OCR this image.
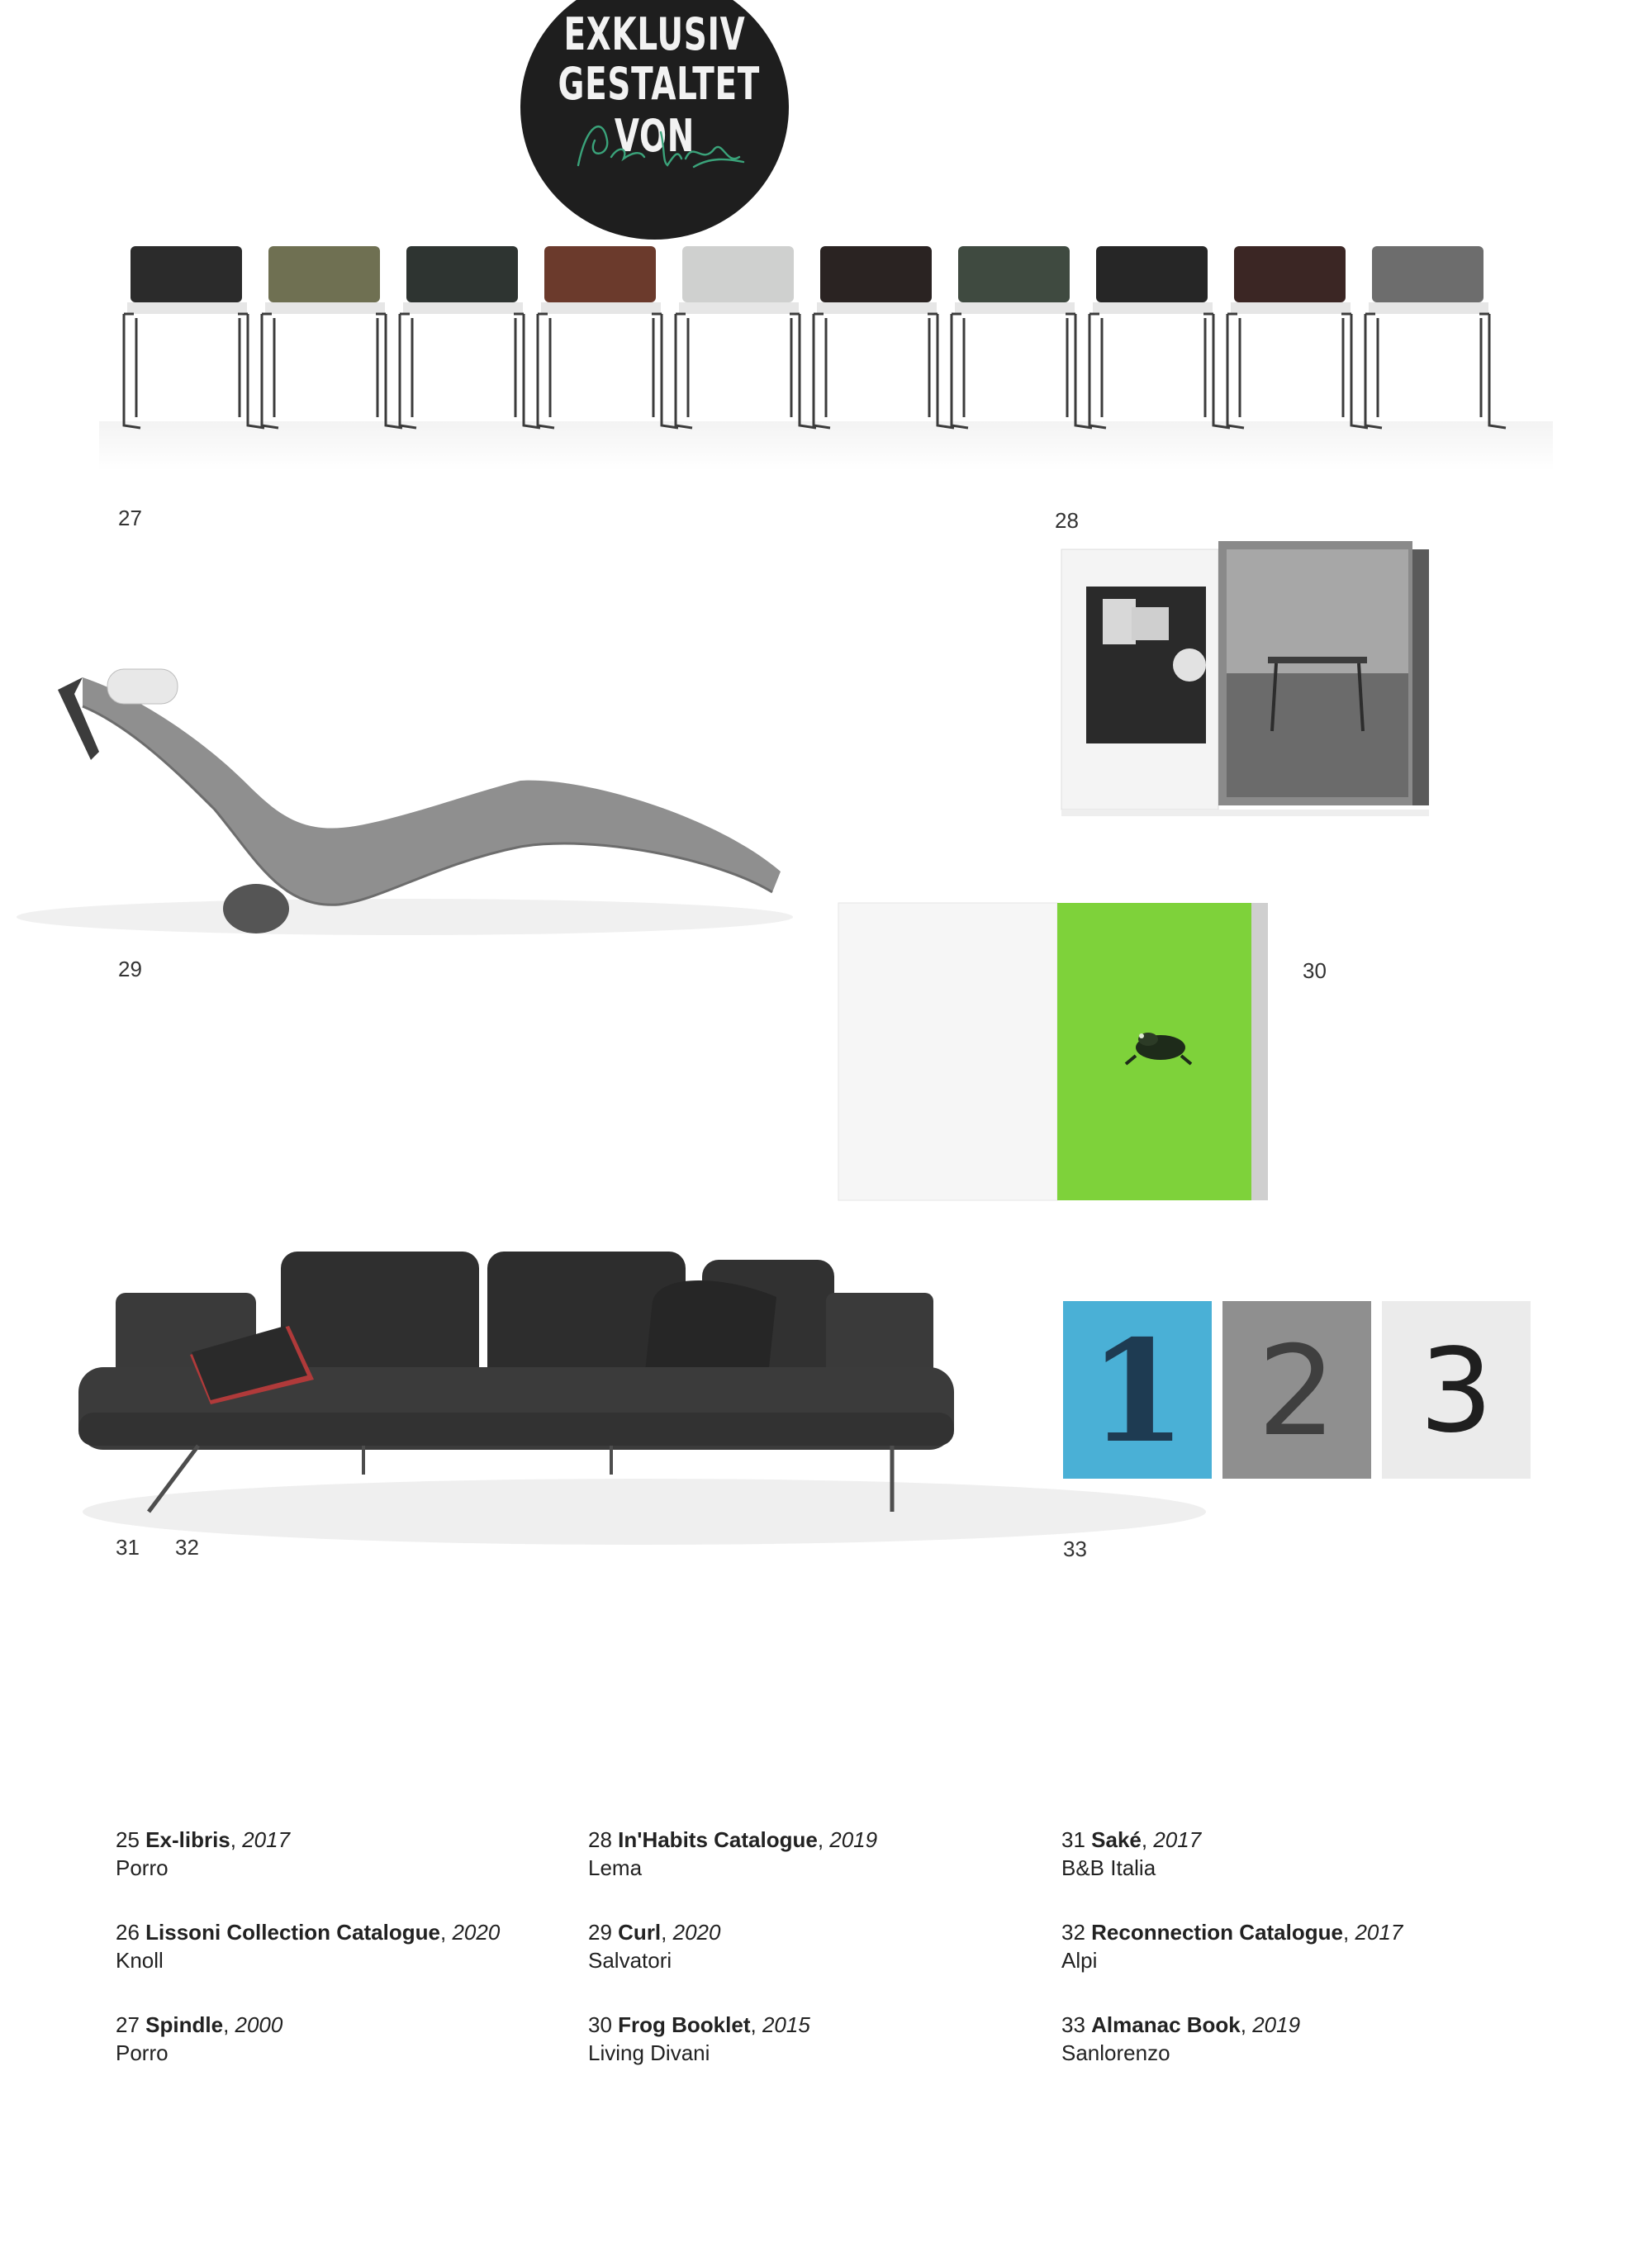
EXKLUSIV
GESTALTET VON
27	28
29	30
31 32
1 2 3
33
25 Ex-libris, 2017
Porro
26 Lissoni Collection Catalogue, 2020
Knoll
27 Spindle, 2000
Porro
28 In'Habits Catalogue, 2019
Lema
29 Curl, 2020
Salvatori
30 Frog Booklet, 2015
Living Divani
31 Saké, 2017
B&B Italia
32 Reconnection Catalogue, 2017
Alpi
33 Almanac Book, 2019
Sanlorenzo
